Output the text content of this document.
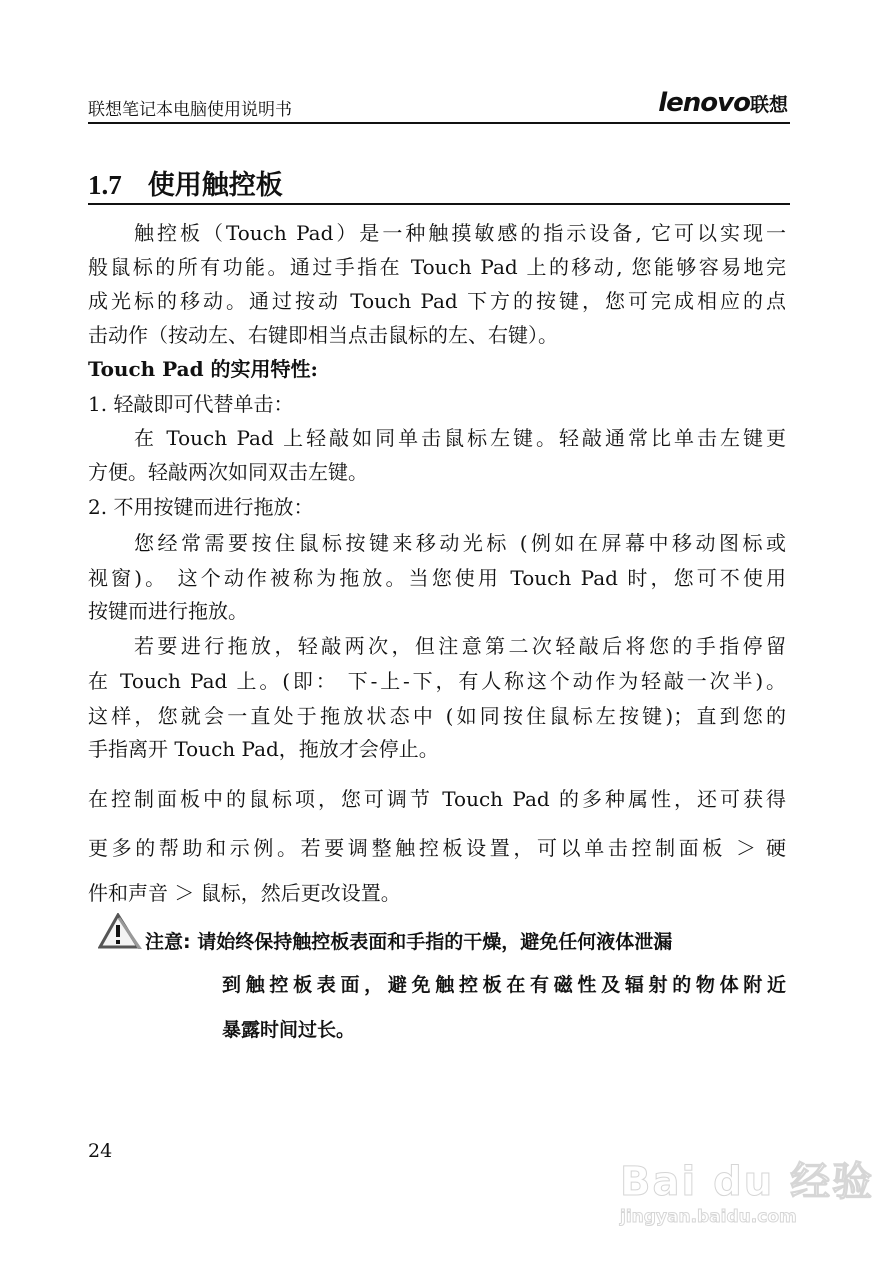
联想笔记本电脑使用说明书	lenovo联想
1.7 使用触控板
触控板（Touch Pad）是一种触摸敏感的指示设备, 它可以实现一
般鼠标的所有功能。通过手指在 Touch Pad 上的移动, 您能够容易地完
成光标的移动。通过按动 Touch Pad 下方的按键，您可完成相应的点
击动作（按动左、右键即相当点击鼠标的左、右键）。
Touch Pad 的实用特性:
1. 轻敲即可代替单击：
在 Touch Pad 上轻敲如同单击鼠标左键。轻敲通常比单击左键更
方便。轻敲两次如同双击左键。
2. 不用按键而进行拖放：
您经常需要按住鼠标按键来移动光标 (例如在屏幕中移动图标或
视窗)。 这个动作被称为拖放。当您使用 Touch Pad 时，您可不使用
按键而进行拖放。
若要进行拖放，轻敲两次，但注意第二次轻敲后将您的手指停留
在 Touch Pad 上。(即： 下-上-下，有人称这个动作为轻敲一次半)。
这样，您就会一直处于拖放状态中 (如同按住鼠标左按键)；直到您的
手指离开 Touch Pad，拖放才会停止。
在控制面板中的鼠标项，您可调节 Touch Pad 的多种属性，还可获得
更多的帮助和示例。若要调整触控板设置，可以单击控制面板 ＞ 硬
件和声音 ＞ 鼠标，然后更改设置。
注意: 请始终保持触控板表面和手指的干燥，避免任何液体泄漏
到触控板表面，避免触控板在有磁性及辐射的物体附近
暴露时间过长。
24
Bai du 经验
jingyan.baidu.com
